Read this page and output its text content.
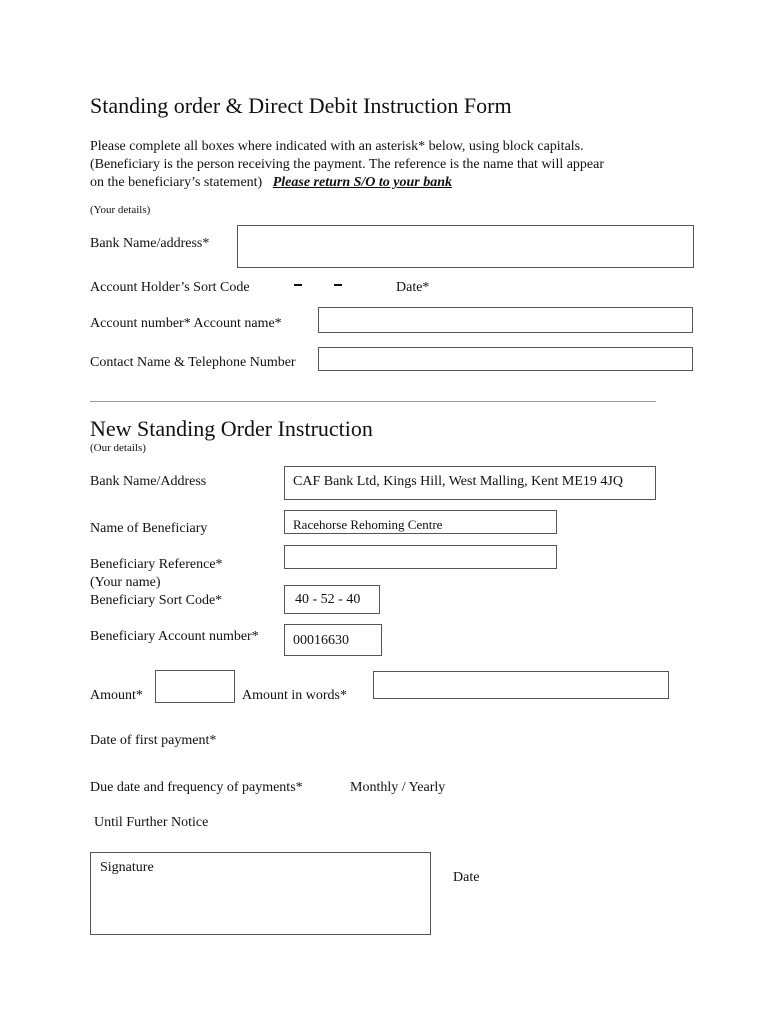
Standing order & Direct Debit Instruction Form
Please complete all boxes where indicated with an asterisk* below, using block capitals.
(Beneficiary is the person receiving the payment. The reference is the name that will appear
on the beneficiary’s statement) Please return S/O to your bank
(Your details)
Bank Name/address*
Account Holder’s Sort Code	Date*
Account number* Account name*
Contact Name & Telephone Number
New Standing Order Instruction
(Our details)
Bank Name/Address	CAF Bank Ltd, Kings Hill, West Malling, Kent ME19 4JQ
Name of Beneficiary	Racehorse Rehoming Centre
Beneficiary Reference*
(Your name)
Beneficiary Sort Code*	40 - 52 - 40
Beneficiary Account number* 00016630
Amount*	Amount in words*
Date of first payment*
Due date and frequency of payments*	Monthly / Yearly
Until Further Notice
Signature
Date
